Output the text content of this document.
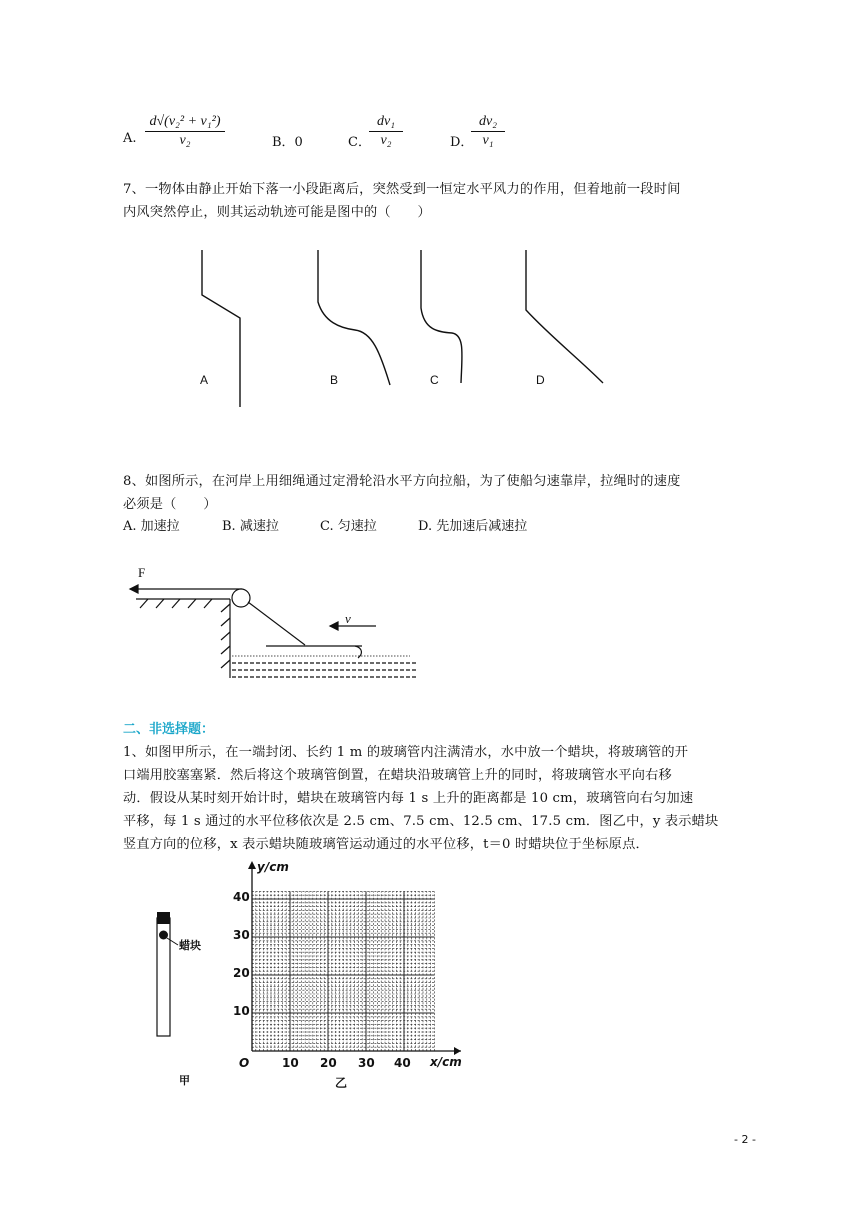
A. $\frac{\text{d√(v₂² + v₁²)}}{\text{v₂}}$	B．0	C．
$\frac{\text{dv₁}}{\text{v₂}}$	D．
$\frac{\text{dv₂}}{\text{v₁}}$
7、一物体由静止开始下落一小段距离后，突然受到一恒定水平风力的作用，但着地前一段时间
内风突然停止，则其运动轨迹可能是图中的（　　）
A	B	C	D
8、如图所示，在河岸上用细绳通过定滑轮沿水平方向拉船，为了使船匀速靠岸，拉绳时的速度
必须是（　　）
A. 加速拉	B. 减速拉	C. 匀速拉	D. 先加速后减速拉
F
v
二、非选择题：
1、如图甲所示，在一端封闭、长约 1 m 的玻璃管内注满清水，水中放一个蜡块，将玻璃管的开
口端用胶塞塞紧．然后将这个玻璃管倒置，在蜡块沿玻璃管上升的同时，将玻璃管水平向右移
动．假设从某时刻开始计时，蜡块在玻璃管内每 1 s 上升的距离都是 10 cm，玻璃管向右匀加速
平移，每 1 s 通过的水平位移依次是 2.5 cm、7.5 cm、12.5 cm、17.5 cm．图乙中，y 表示蜡块
竖直方向的位移，x 表示蜡块随玻璃管运动通过的水平位移，t＝0 时蜡块位于坐标原点．
蜡块
甲
y/cm
x/cm
O
10
20
30
40
10 20 30 40
乙
- 2 -
